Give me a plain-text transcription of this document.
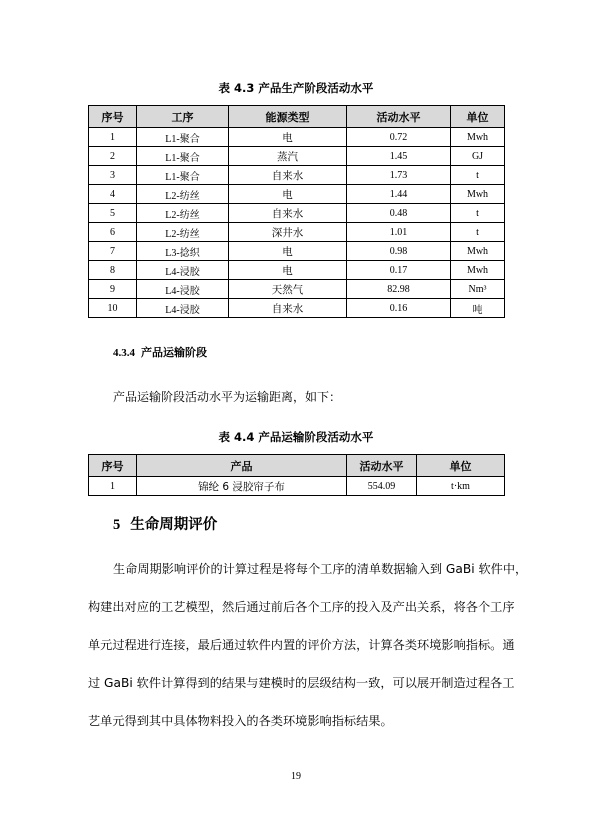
表 4.3 产品生产阶段活动水平
序号	工序	能源类型	活动水平	单位
1	L1-聚合	电	0.72	Mwh
2	L1-聚合	蒸汽	1.45	GJ
3	L1-聚合	自来水	1.73	t
4	L2-纺丝	电	1.44	Mwh
5	L2-纺丝	自来水	0.48	t
6	L2-纺丝	深井水	1.01	t
7	L3-捻织	电	0.98	Mwh
8	L4-浸胶	电	0.17	Mwh
9	L4-浸胶	天然气	82.98	Nm³
10	L4-浸胶	自来水	0.16	吨
4.3.4 产品运输阶段
产品运输阶段活动水平为运输距离，如下：
表 4.4 产品运输阶段活动水平
序号	产品	活动水平	单位
1	锦纶 6 浸胶帘子布	554.09	t·km
5 生命周期评价
生命周期影响评价的计算过程是将每个工序的清单数据输入到 GaBi 软件中，
构建出对应的工艺模型，然后通过前后各个工序的投入及产出关系，将各个工序
单元过程进行连接，最后通过软件内置的评价方法，计算各类环境影响指标。通
过 GaBi 软件计算得到的结果与建模时的层级结构一致，可以展开制造过程各工
艺单元得到其中具体物料投入的各类环境影响指标结果。
19
